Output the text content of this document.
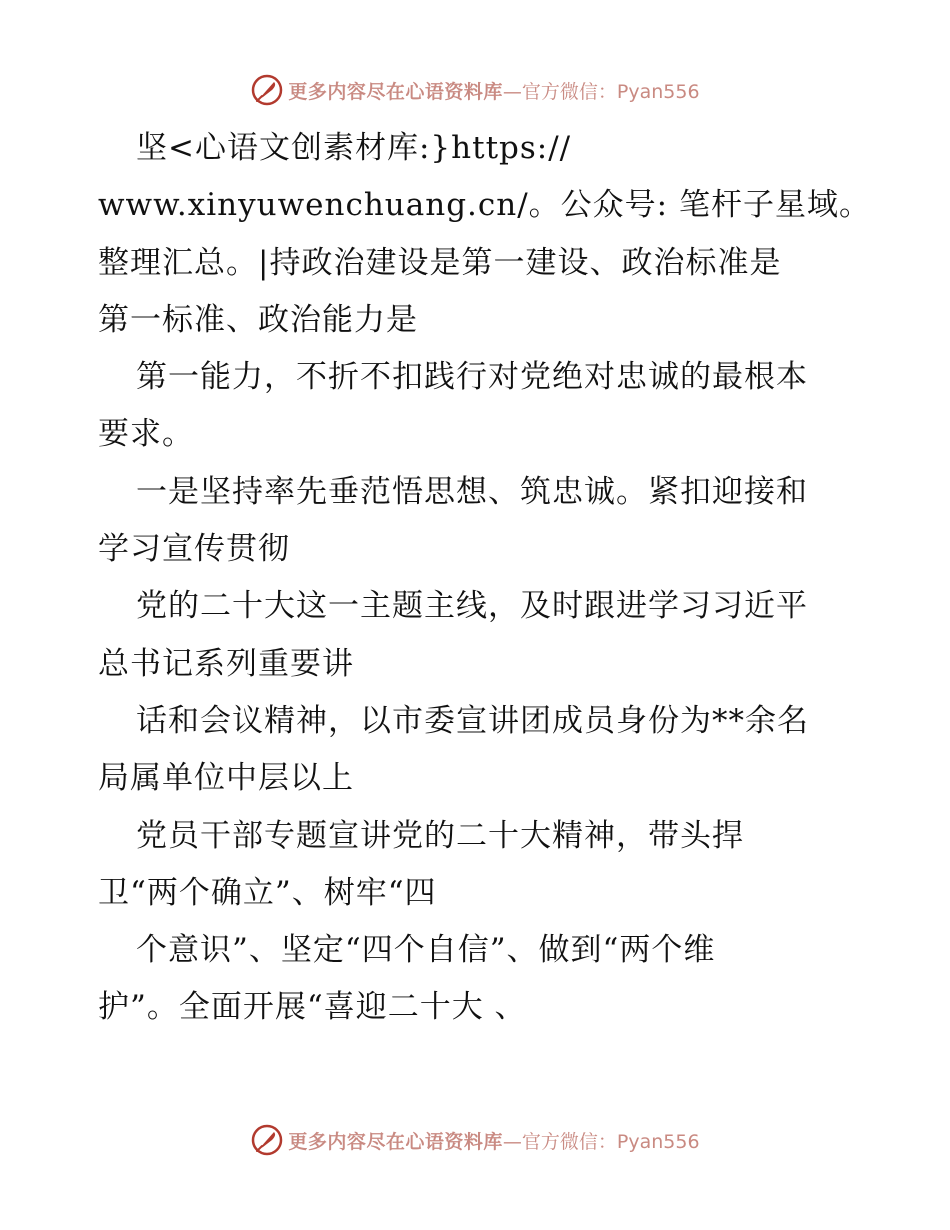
更多内容尽在心语资料库 —官方微信：Pyan556
坚<心语文创素材库:}https://
www.xinyuwenchuang.cn/。公众号: 笔杆子星域。
整理汇总。|持政治建设是第一建设、政治标准是
第一标准、政治能力是
第一能力，不折不扣践行对党绝对忠诚的最根本
要求。
一是坚持率先垂范悟思想、筑忠诚。紧扣迎接和
学习宣传贯彻
党的二十大这一主题主线，及时跟进学习习近平
总书记系列重要讲
话和会议精神，以市委宣讲团成员身份为**余名
局属单位中层以上
党员干部专题宣讲党的二十大精神，带头捍
卫“两个确立”、树牢“四
个意识”、坚定“四个自信”、做到“两个维
护”。全面开展“喜迎二十大 、
更多内容尽在心语资料库 —官方微信：Pyan556
